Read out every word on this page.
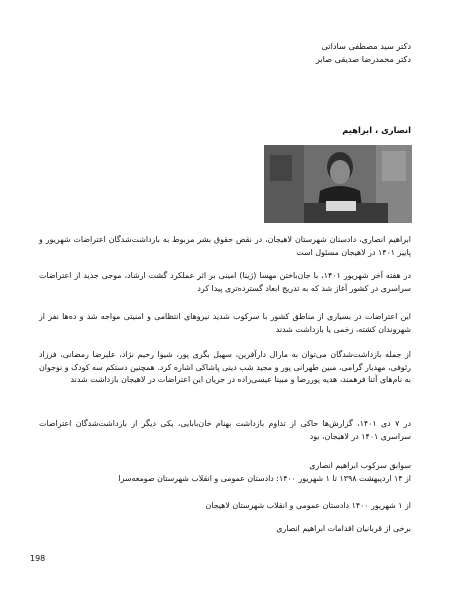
دکتر سید مصطفی ساداتی
دکتر محمدرضا صدیقی صابر
انصاری ، ابراهیم
ابراهیم انصاری، دادستان شهرستان لاهیجان، در نقض حقوق بشر مربوط به بازداشت‌شدگان اعتراضات شهریور و پاییز ۱۴۰۱ در لاهیجان مسئول است
در هفته آخر شهریور ۱۴۰۱، با جان‌باختن مهسا (ژینا) امینی بر اثر عملکرد گشت ارشاد، موجی جدید از اعتراضات سراسری در کشور آغاز شد که به تدریج ابعاد گسترده‌تری پیدا کرد
این اعتراضات در بسیاری از مناطق کشور با سرکوب شدید نیروهای انتظامی و امنیتی مواجه شد و ده‌ها نفر از شهروندان کشته، زخمی یا بازداشت شدند
از جمله بازداشت‌شدگان می‌توان به مارال دارآفرین، سهیل بگری پور، شیوا رحیم نژاد، علیرضا رمضانی، فرزاد رئوفی، مهدیار گرامی، مبین طهرانی پور و مجید شب دینی پاشاکی اشاره کرد. همچنین دستکم سه کودک و نوجوان به نام‌های آتنا فرهمند، هدیه پوررضا و مبینا عیسی‌زاده در جریان این اعتراضات در لاهیجان بازداشت شدند
در ۷ دی ۱۴۰۱، گزارش‌ها حاکی از تداوم بازداشت بهنام خان‌بابایی، یکی دیگر از بازداشت‌شدگان اعتراضات سراسری ۱۴۰۱ در لاهیجان، بود
سوابق سرکوب ابراهیم انصاری
از ۱۴ اردیبهشت ۱۳۹۸ تا ۱ شهریور ۱۴۰۰: دادستان عمومی و انقلاب شهرستان صومعه‌سرا
از ۱ شهریور ۱۴۰۰ دادستان عمومی و انقلاب شهرستان لاهیجان
برخی از قربانیان اقدامات ابراهیم انصاری
198
